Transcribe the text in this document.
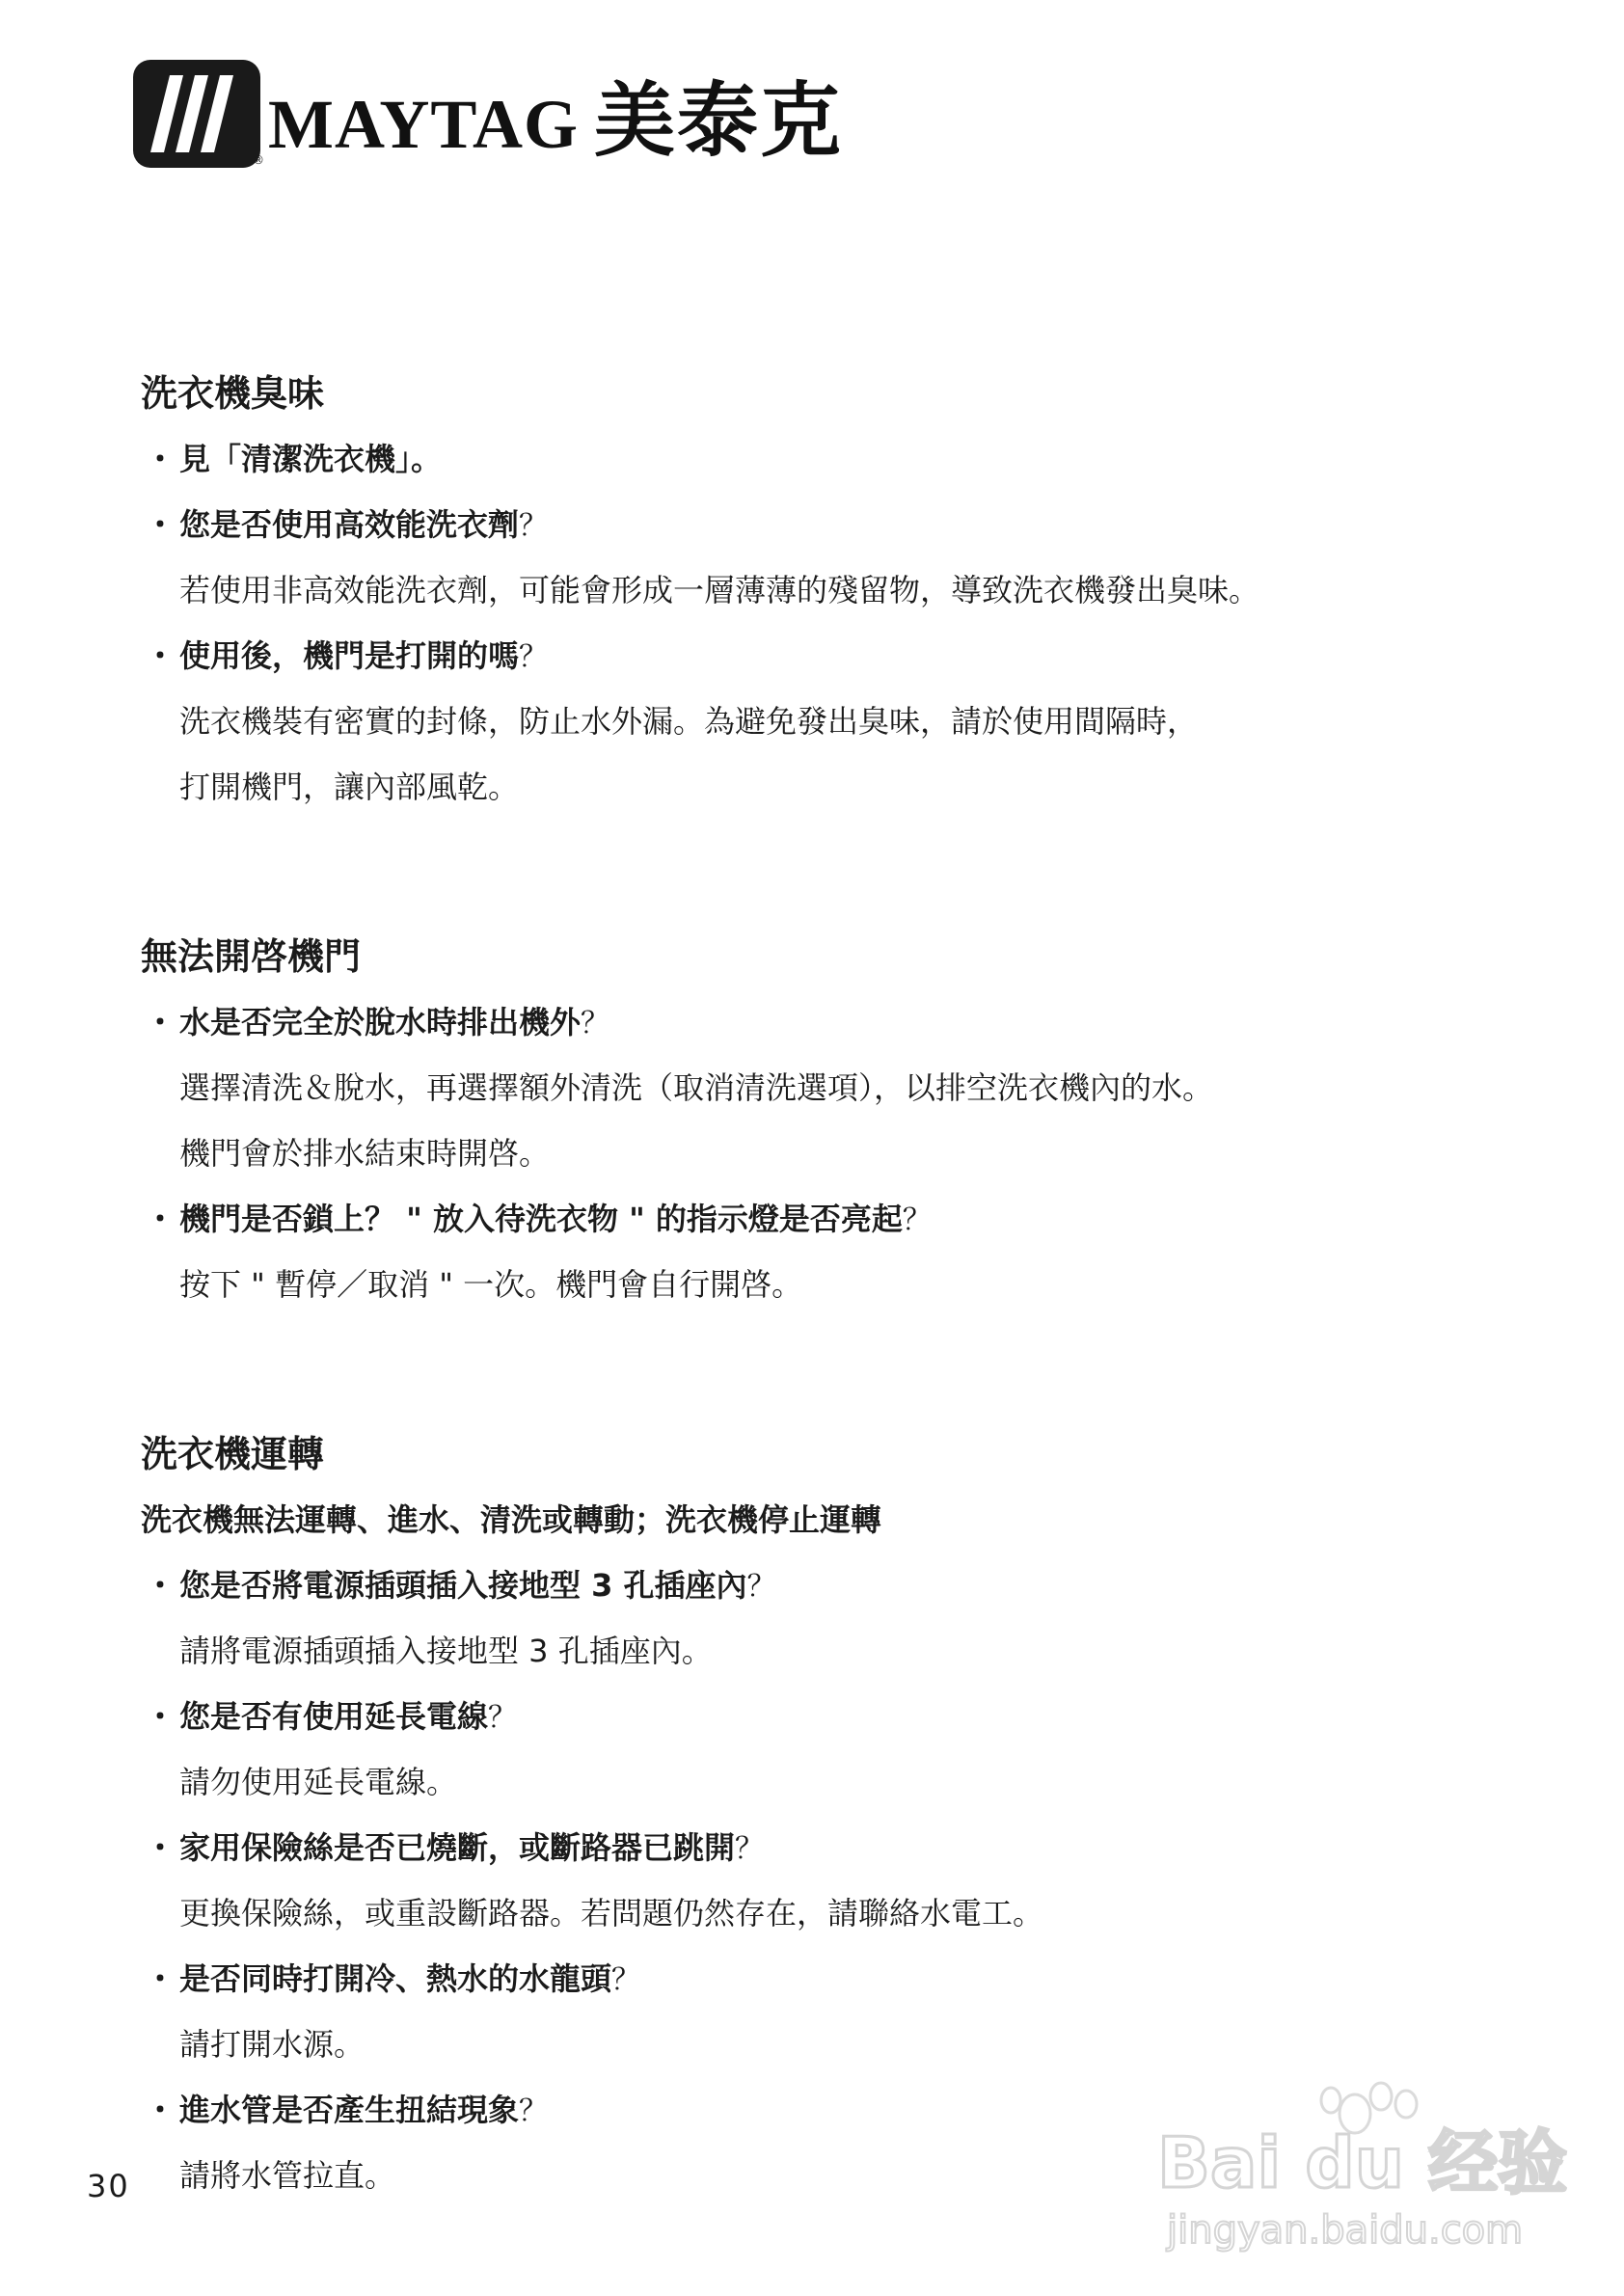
® MAYTAG 美泰克
洗衣機臭味
・ 見「清潔洗衣機」。
・ 您是否使用高效能洗衣劑？
若使用非高效能洗衣劑，可能會形成一層薄薄的殘留物，導致洗衣機發出臭味。
・ 使用後，機門是打開的嗎？
洗衣機裝有密實的封條，防止水外漏。為避免發出臭味，請於使用間隔時，
打開機門，讓內部風乾。
無法開啓機門
・ 水是否完全於脫水時排出機外？
選擇清洗＆脫水，再選擇額外清洗（取消清洗選項），以排空洗衣機內的水。
機門會於排水結束時開啓。
・ 機門是否鎖上？ " 放入待洗衣物 " 的指示燈是否亮起？
按下 " 暫停／取消 " 一次。機門會自行開啓。
洗衣機運轉
洗衣機無法運轉、進水、清洗或轉動；洗衣機停止運轉
・ 您是否將電源插頭插入接地型 3 孔插座內？
請將電源插頭插入接地型 3 孔插座內。
・ 您是否有使用延長電線？
請勿使用延長電線。
・ 家用保險絲是否已燒斷，或斷路器已跳開？
更換保險絲，或重設斷路器。若問題仍然存在，請聯絡水電工。
・ 是否同時打開冷、熱水的水龍頭？
請打開水源。
・ 進水管是否產生扭結現象？
請將水管拉直。
30	Bai du 经验
jingyan.baidu.com
